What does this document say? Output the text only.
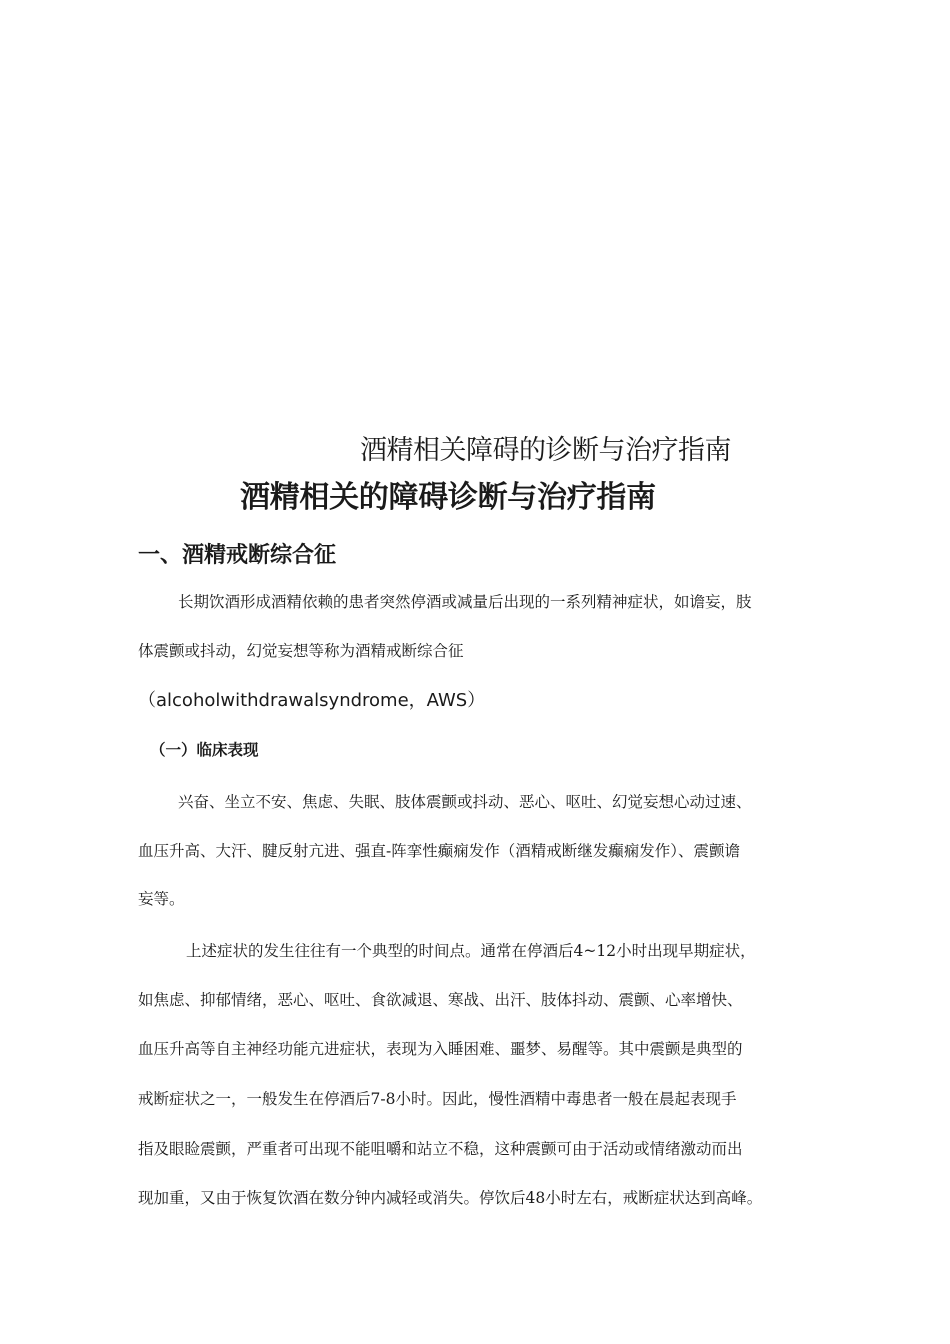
酒精相关障碍的诊断与治疗指南

酒精相关的障碍诊断与治疗指南
一、酒精戒断综合征

长期饮酒形成酒精依赖的患者突然停酒或减量后出现的一系列精神症状，如谵妄，肢

体震颤或抖动，幻觉妄想等称为酒精戒断综合征

（alcoholwithdrawalsyndrome，AWS）

（一）临床表现

兴奋、坐立不安、焦虑、失眠、肢体震颤或抖动、恶心、呕吐、幻觉妄想心动过速、

血压升高、大汗、腱反射亢进、强直-阵挛性癫痫发作（酒精戒断继发癫痫发作）、震颤谵

妄等。

上述症状的发生往往有一个典型的时间点。通常在停酒后4~12小时出现早期症状，

如焦虑、抑郁情绪，恶心、呕吐、食欲减退、寒战、出汗、肢体抖动、震颤、心率增快、

血压升高等自主神经功能亢进症状，表现为入睡困难、噩梦、易醒等。其中震颤是典型的

戒断症状之一，一般发生在停酒后7-8小时。因此，慢性酒精中毒患者一般在晨起表现手

指及眼睑震颤，严重者可出现不能咀嚼和站立不稳，这种震颤可由于活动或情绪激动而出

现加重，又由于恢复饮酒在数分钟内减轻或消失。停饮后48小时左右，戒断症状达到高峰。
